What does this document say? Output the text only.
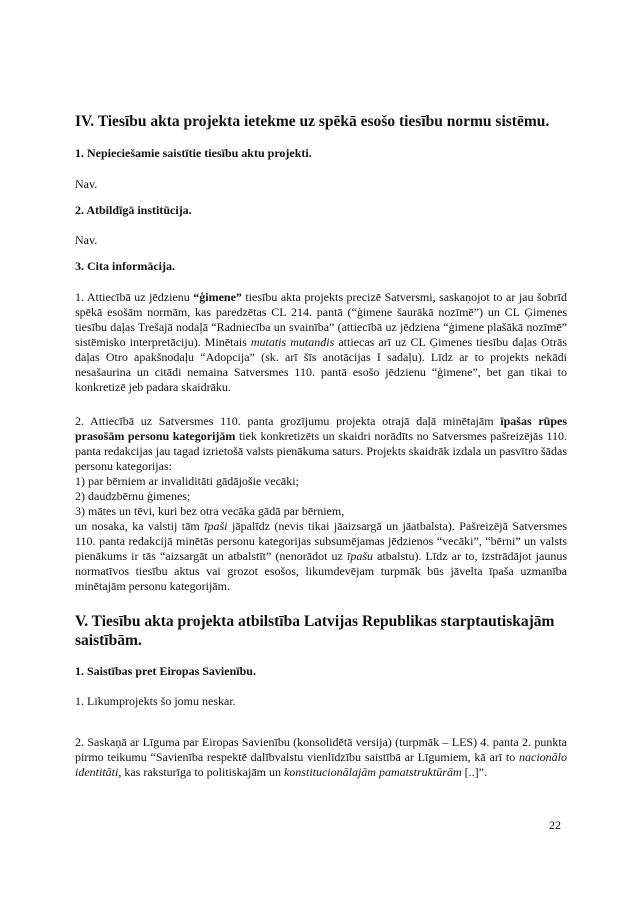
IV. Tiesību akta projekta ietekme uz spēkā esošo tiesību normu sistēmu.
1. Nepieciešamie saistītie tiesību aktu projekti.
Nav.
2. Atbildīgā institūcija.
Nav.
3. Cita informācija.
1. Attiecībā uz jēdzienu “ģimene” tiesību akta projekts precizē Satversmi, saskaņojot to ar jau šobrīd spēkā esošām normām, kas paredzētas CL 214. pantā (“ģimene šaurākā nozīmē”) un CL Ģimenes tiesību daļas Trešajā nodaļā “Radniecība un svainība” (attiecībā uz jēdziena “ģimene plašākā nozīmē” sistēmisko interpretāciju). Minētais mutatis mutandis attiecas arī uz CL Ģimenes tiesību daļas Otrās daļas Otro apakšnodaļu “Adopcija” (sk. arī šīs anotācijas I sadaļu). Līdz ar to projekts nekādi nesašaurina un citādi nemaina Satversmes 110. pantā esošo jēdzienu “ģimene”, bet gan tikai to konkretizē jeb padara skaidrāku.
2. Attiecībā uz Satversmes 110. panta grozījumu projekta otrajā daļā minētajām īpašas rūpes prasošām personu kategorijām tiek konkretizēts un skaidri norādīts no Satversmes pašreizējās 110. panta redakcijas jau tagad izrietošā valsts pienākuma saturs. Projekts skaidrāk izdala un pasvītro šādas personu kategorijas:
1) par bērniem ar invaliditāti gādājošie vecāki;
2) daudzbērnu ģimenes;
3) mātes un tēvi, kuri bez otra vecāka gādā par bērniem,
un nosaka, ka valstij tām īpaši jāpalīdz (nevis tikai jāaizsargā un jāatbalsta). Pašreizējā Satversmes 110. panta redakcijā minētās personu kategorijas subsumējamas jēdzienos “vecāki”, “bērni” un valsts pienākums ir tās “aizsargāt un atbalstīt” (nenorādot uz īpašu atbalstu). Līdz ar to, izstrādājot jaunus normatīvos tiesību aktus vai grozot esošos, likumdevējam turpmāk būs jāvelta īpaša uzmanība minētajām personu kategorijām.
V. Tiesību akta projekta atbilstība Latvijas Republikas starptautiskajām saistībām.
1. Saistības pret Eiropas Savienību.
1. Likumprojekts šo jomu neskar.
2. Saskaņā ar Līguma par Eiropas Savienību (konsolidētā versija) (turpmāk – LES) 4. panta 2. punkta pirmo teikumu “Savienība respektē dalībvalstu vienlīdzību saistībā ar Līgumiem, kā arī to nacionālo identitāti, kas raksturīga to politiskajām un konstitucionālajām pamatstruktūrām [..]”.
22
